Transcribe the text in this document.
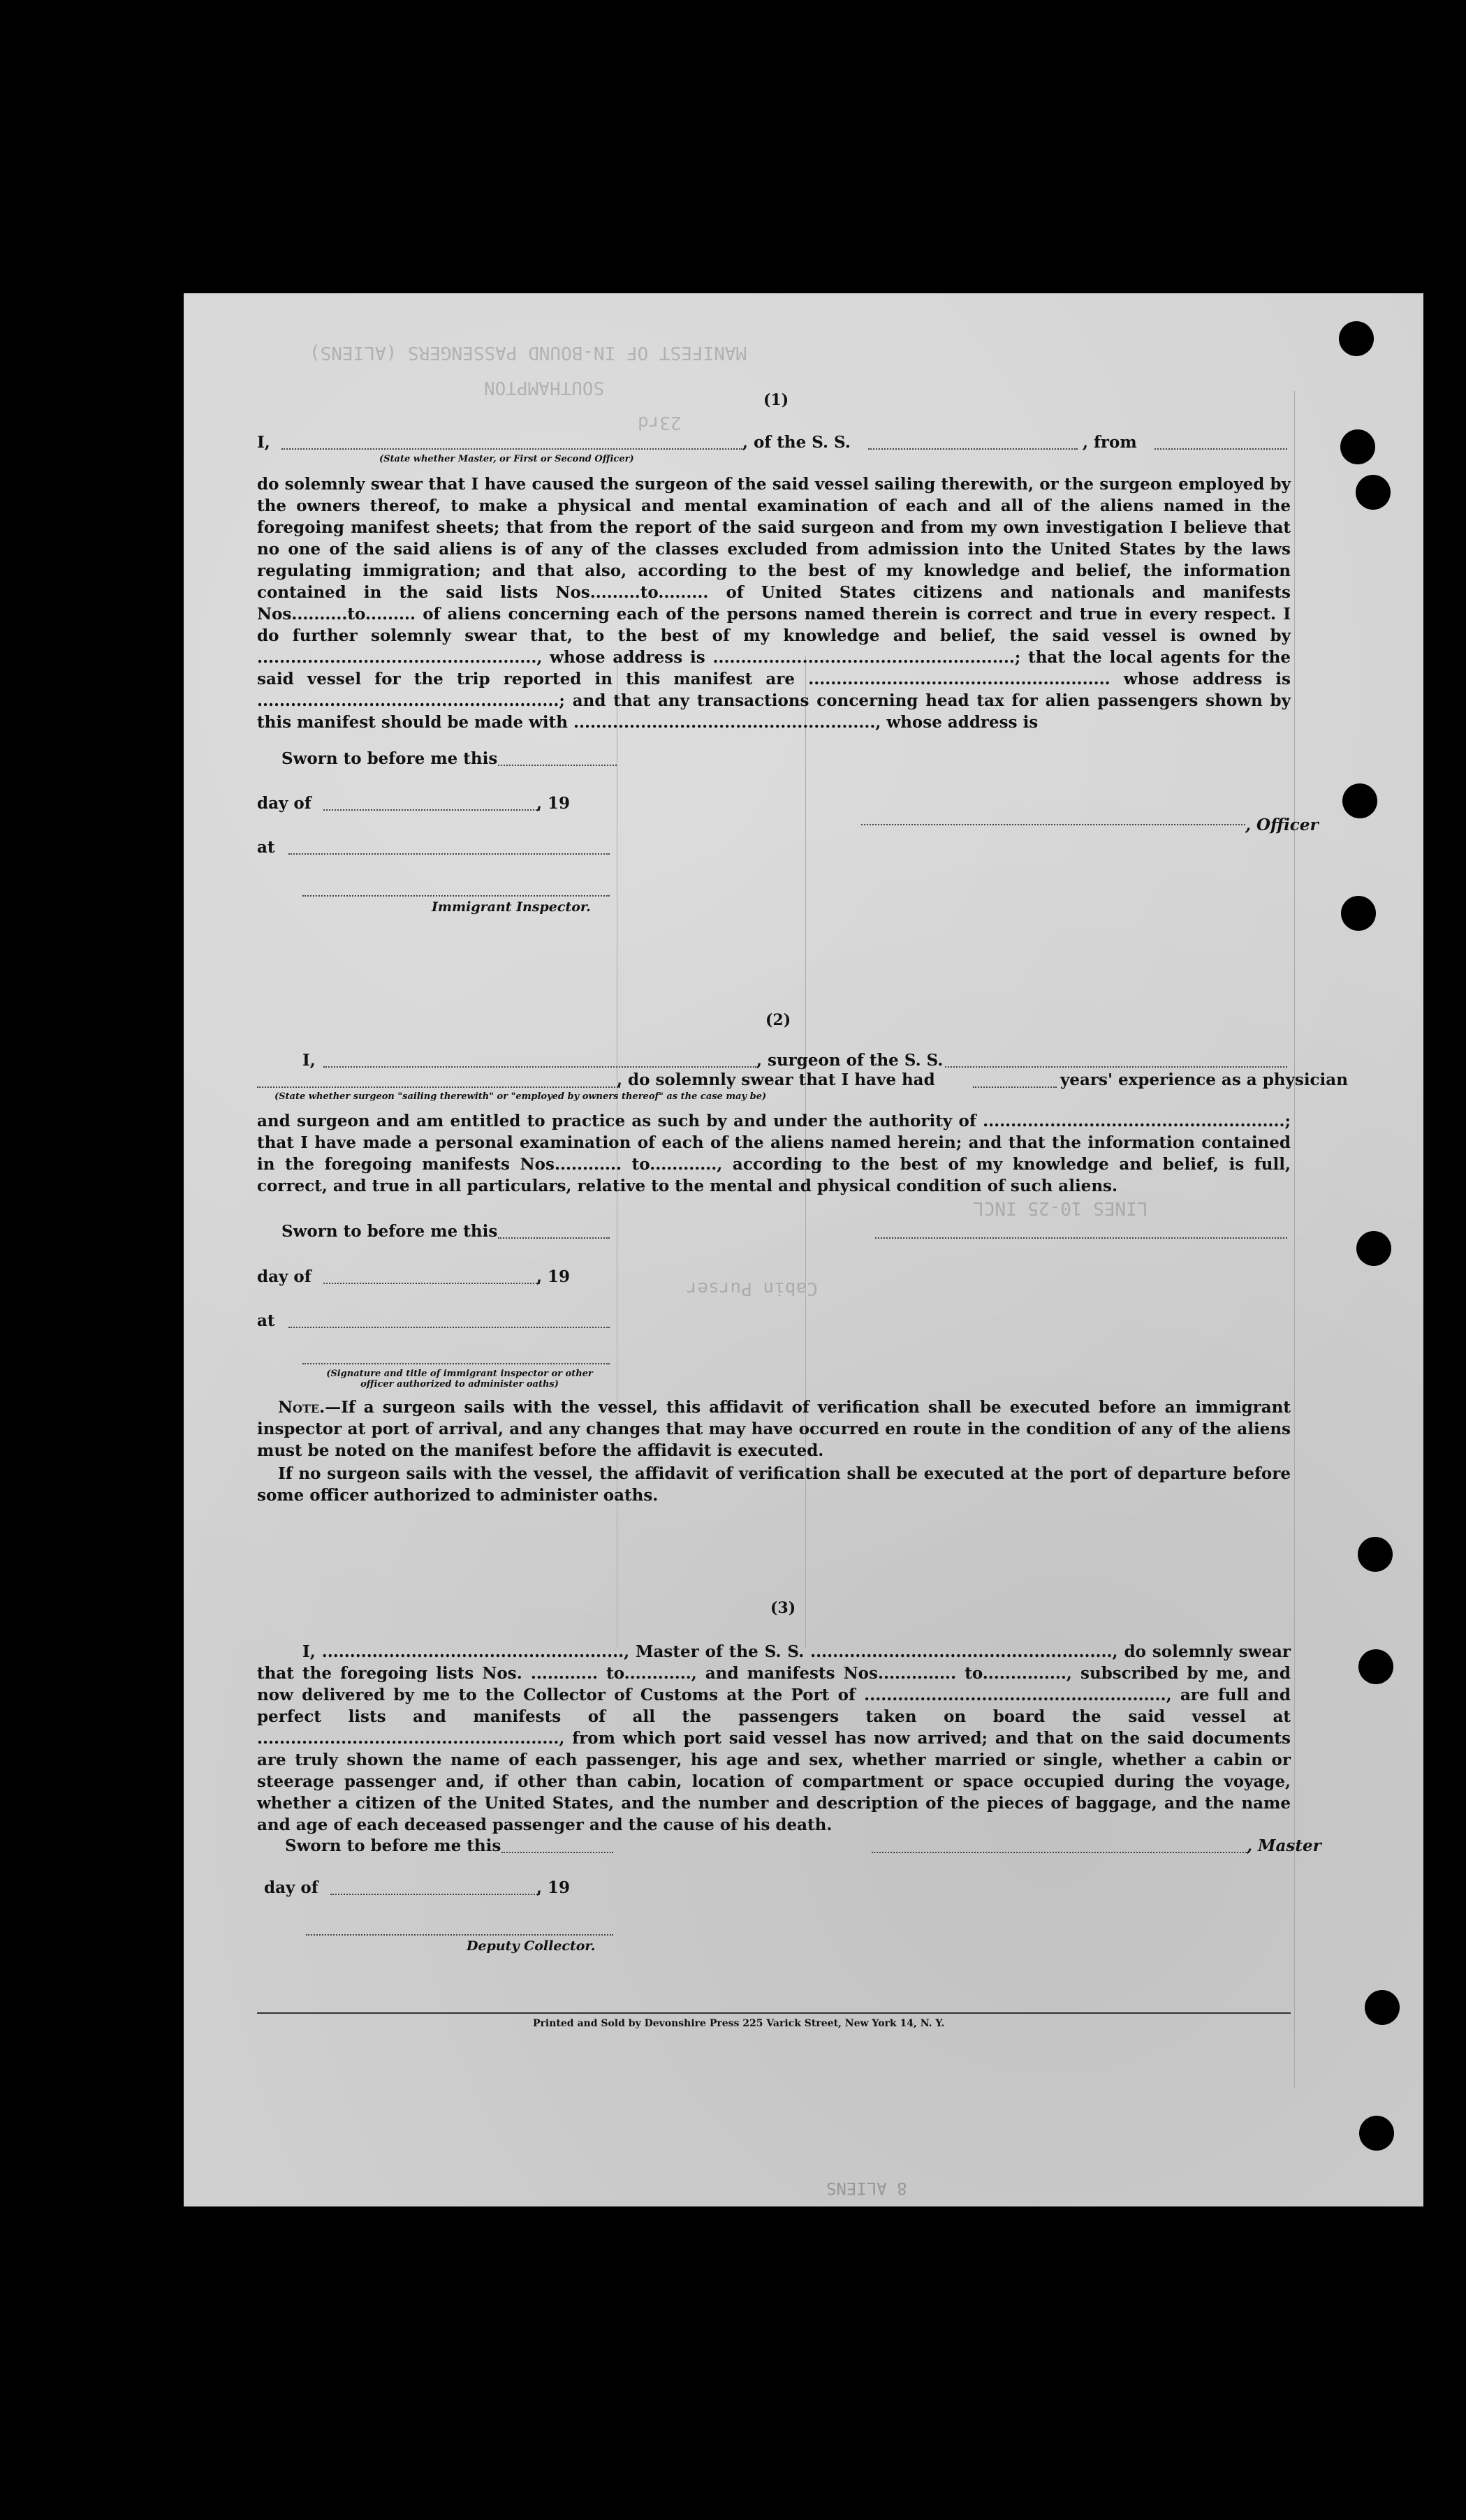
MANIFEST OF IN-BOUND PASSENGERS (ALIENS)
SOUTHAMPTON
23rd
Cabin Purser
LINES 10-25 INCL
(1)
I,	, of the S. S.	, from
(State whether Master, or First or Second Officer)
do solemnly swear that I have caused the surgeon of the said vessel sailing therewith, or the surgeon employed by the owners thereof, to make a physical and mental examination of each and all of the aliens named in the foregoing manifest sheets; that from the report of the said surgeon and from my own investigation I believe that no one of the said aliens is of any of the classes excluded from admission into the United States by the laws regulating immigration; and that also, according to the best of my knowledge and belief, the information contained in the said lists Nos.........to......... of United States citizens and nationals and manifests Nos..........to......... of aliens concerning each of the persons named therein is correct and true in every respect. I do further solemnly swear that, to the best of my knowledge and belief, the said vessel is owned by .................................................., whose address is ......................................................; that the local agents for the said vessel for the trip reported in this manifest are ...................................................... whose address is ......................................................; and that any transactions concerning head tax for alien passengers shown by this manifest should be made with ......................................................, whose address is
Sworn to before me this
day of	, 19
at
Immigrant Inspector.
, Officer
(2)
I,	, surgeon of the S. S.
, do solemnly swear that I have had	years' experience as a physician
(State whether surgeon "sailing therewith" or "employed by owners thereof" as the case may be)
and surgeon and am entitled to practice as such by and under the authority of ......................................................; that I have made a personal examination of each of the aliens named herein; and that the information contained in the foregoing manifests Nos............ to............, according to the best of my knowledge and belief, is full, correct, and true in all particulars, relative to the mental and physical condition of such aliens.
Sworn to before me this
day of	, 19
at
(Signature and title of immigrant inspector or other officer authorized to administer oaths)
Note.—If a surgeon sails with the vessel, this affidavit of verification shall be executed before an immigrant inspector at port of arrival, and any changes that may have occurred en route in the condition of any of the aliens must be noted on the manifest before the affidavit is executed.
If no surgeon sails with the vessel, the affidavit of verification shall be executed at the port of departure before some officer authorized to administer oaths.
(3)
I, ......................................................, Master of the S. S. ......................................................, do solemnly swear that the foregoing lists Nos. ............ to............, and manifests Nos.............. to..............., subscribed by me, and now delivered by me to the Collector of Customs at the Port of ......................................................, are full and perfect lists and manifests of all the passengers taken on board the said vessel at ......................................................, from which port said vessel has now arrived; and that on the said documents are truly shown the name of each passenger, his age and sex, whether married or single, whether a cabin or steerage passenger and, if other than cabin, location of compartment or space occupied during the voyage, whether a citizen of the United States, and the number and description of the pieces of baggage, and the name and age of each deceased passenger and the cause of his death.
Sworn to before me this	, Master
day of	, 19
Deputy Collector.
Printed and Sold by Devonshire Press 225 Varick Street, New York 14, N. Y.
8 ALIENS
